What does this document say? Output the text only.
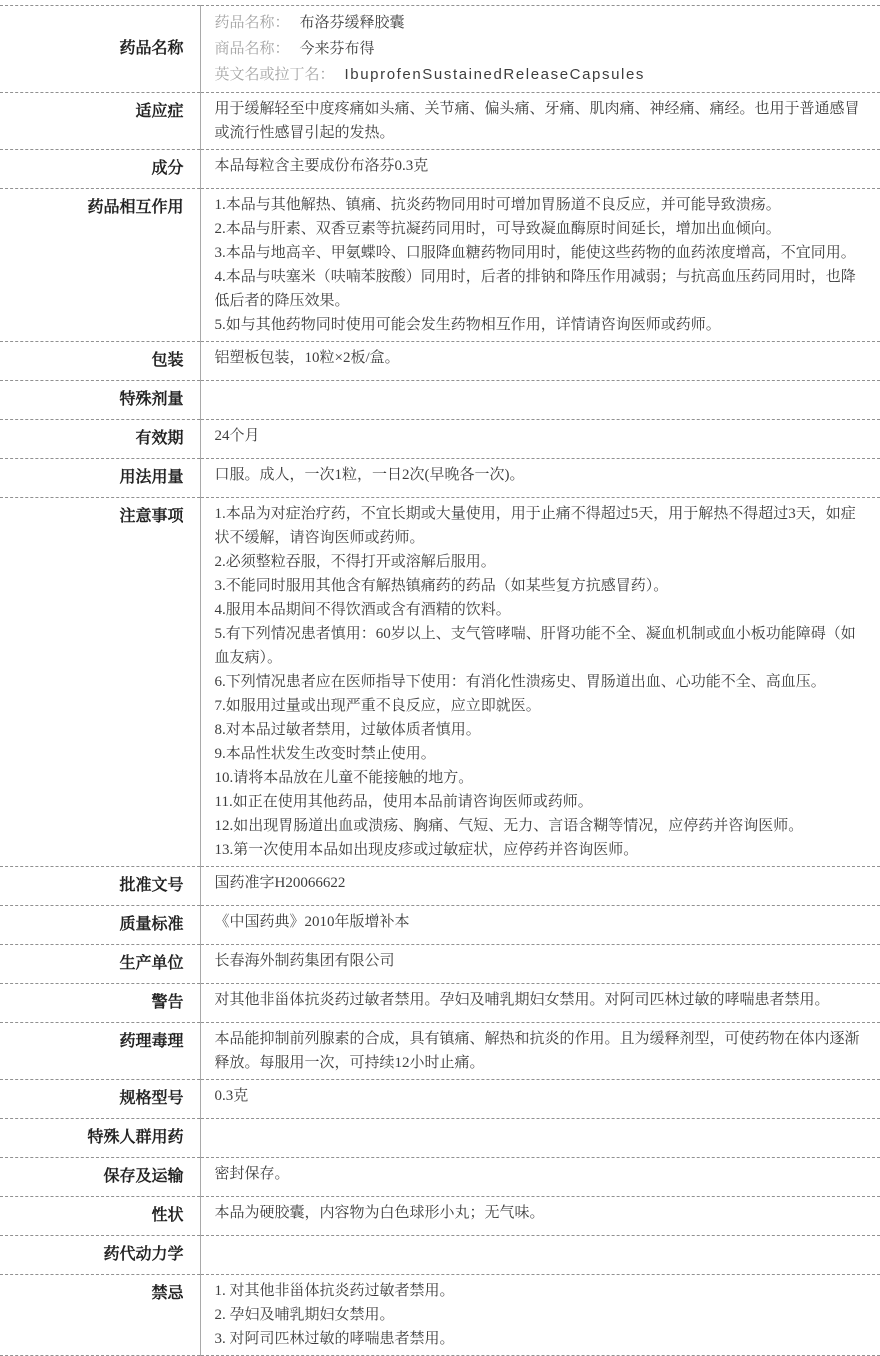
药品名称	药品名称： 布洛芬缓释胶囊
商品名称： 今来芬布得
英文名或拉丁名： IbuprofenSustainedReleaseCapsules

适应症	用于缓解轻至中度疼痛如头痛、关节痛、偏头痛、牙痛、肌肉痛、神经痛、痛经。也用于普通感冒或流行性感冒引起的发热。

成分	本品每粒含主要成份布洛芬0.3克

药品相互作用	1.本品与其他解热、镇痛、抗炎药物同用时可增加胃肠道不良反应，并可能导致溃疡。
2.本品与肝素、双香豆素等抗凝药同用时，可导致凝血酶原时间延长，增加出血倾向。
3.本品与地高辛、甲氨蝶呤、口服降血糖药物同用时，能使这些药物的血药浓度增高，不宜同用。
4.本品与呋塞米（呋喃苯胺酸）同用时，后者的排钠和降压作用减弱；与抗高血压药同用时，也降低后者的降压效果。
5.如与其他药物同时使用可能会发生药物相互作用，详情请咨询医师或药师。

包装	铝塑板包装，10粒×2板/盒。

特殊剂量	

有效期	24个月

用法用量	口服。成人，一次1粒，一日2次(早晚各一次)。

注意事项	1.本品为对症治疗药，不宜长期或大量使用，用于止痛不得超过5天，用于解热不得超过3天，如症状不缓解，请咨询医师或药师。
2.必须整粒吞服，不得打开或溶解后服用。
3.不能同时服用其他含有解热镇痛药的药品（如某些复方抗感冒药）。
4.服用本品期间不得饮酒或含有酒精的饮料。
5.有下列情况患者慎用：60岁以上、支气管哮喘、肝肾功能不全、凝血机制或血小板功能障碍（如血友病）。
6.下列情况患者应在医师指导下使用：有消化性溃疡史、胃肠道出血、心功能不全、高血压。
7.如服用过量或出现严重不良反应，应立即就医。
8.对本品过敏者禁用，过敏体质者慎用。
9.本品性状发生改变时禁止使用。
10.请将本品放在儿童不能接触的地方。
11.如正在使用其他药品，使用本品前请咨询医师或药师。
12.如出现胃肠道出血或溃疡、胸痛、气短、无力、言语含糊等情况，应停药并咨询医师。
13.第一次使用本品如出现皮疹或过敏症状，应停药并咨询医师。

批准文号	国药准字H20066622

质量标准	《中国药典》2010年版增补本

生产单位	长春海外制药集团有限公司

警告	对其他非甾体抗炎药过敏者禁用。孕妇及哺乳期妇女禁用。对阿司匹林过敏的哮喘患者禁用。

药理毒理	本品能抑制前列腺素的合成，具有镇痛、解热和抗炎的作用。且为缓释剂型，可使药物在体内逐渐释放。每服用一次，可持续12小时止痛。

规格型号	0.3克

特殊人群用药	

保存及运输	密封保存。

性状	本品为硬胶囊，内容物为白色球形小丸；无气味。

药代动力学	

禁忌	1. 对其他非甾体抗炎药过敏者禁用。
2. 孕妇及哺乳期妇女禁用。
3. 对阿司匹林过敏的哮喘患者禁用。
